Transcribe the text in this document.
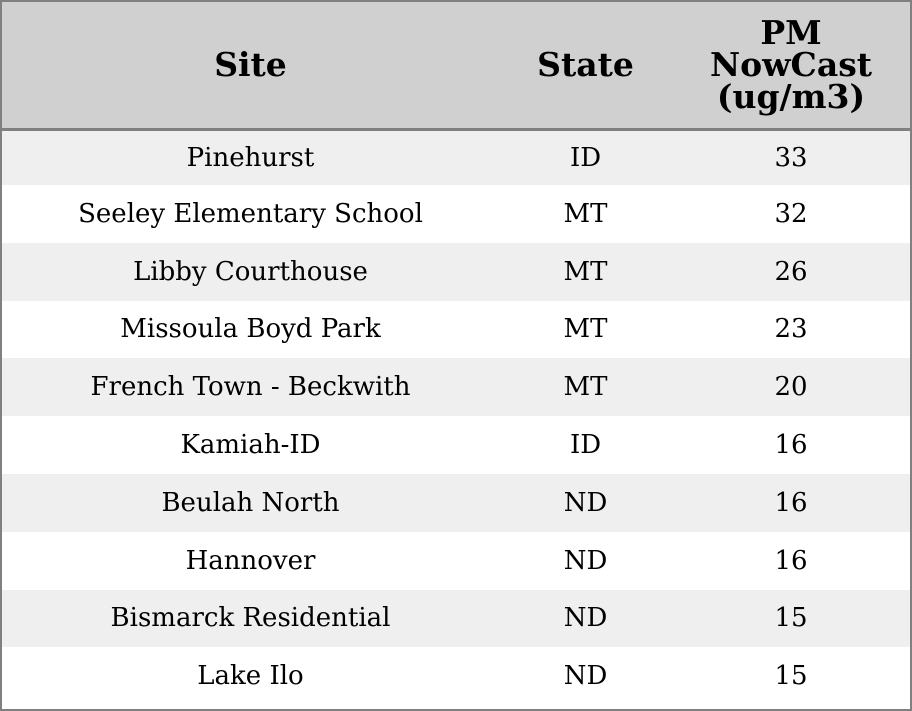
Site	State	PM
NowCast
(ug/m3)
Pinehurst	ID	33
Seeley Elementary School	MT	32
Libby Courthouse	MT	26
Missoula Boyd Park	MT	23
French Town - Beckwith	MT	20
Kamiah-ID	ID	16
Beulah North	ND	16
Hannover	ND	16
Bismarck Residential	ND	15
Lake Ilo	ND	15
